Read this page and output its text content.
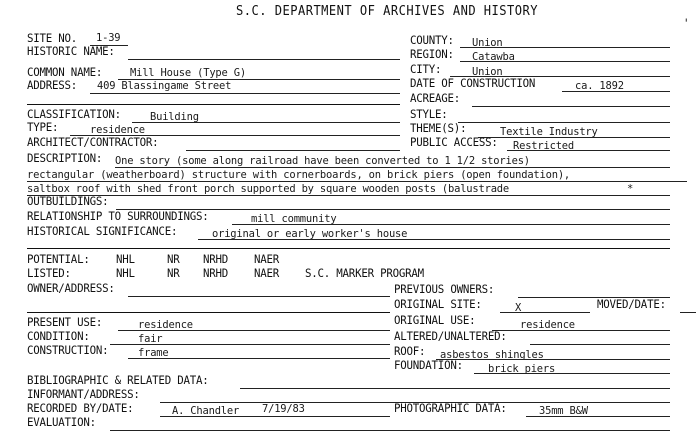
S.C. DEPARTMENT OF ARCHIVES AND HISTORY
'
SITE NO. 1-39
HISTORIC NAME:
COMMON NAME:	Mill House (Type G)
ADDRESS: 409 Blassingame Street
COUNTY: Union
REGION: Catawba
CITY:	Union
DATE OF CONSTRUCTION	ca. 1892
ACREAGE:
CLASSIFICATION:	Building	STYLE:
TYPE:	residence	THEME(S):	Textile Industry
ARCHITECT/CONTRACTOR:	PUBLIC ACCESS: Restricted
DESCRIPTION: One story (some along railroad have been converted to 1 1/2 stories)
rectangular (weatherboard) structure with cornerboards, on brick piers (open foundation),
saltbox roof with shed front porch supported by square wooden posts (balustrade	*
OUTBUILDINGS:
RELATIONSHIP TO SURROUNDINGS:	mill community
HISTORICAL SIGNIFICANCE:	original or early worker's house
POTENTIAL: NHL	NR NRHD NAER
LISTED:	NHL	NR NRHD NAER S.C. MARKER PROGRAM
OWNER/ADDRESS:	PREVIOUS OWNERS:
ORIGINAL SITE:	X	MOVED/DATE:
PRESENT USE:	residence	ORIGINAL USE:	residence
CONDITION:	fair	ALTERED/UNALTERED:
CONSTRUCTION:	frame	ROOF: asbestos shingles
FOUNDATION: brick piers
BIBLIOGRAPHIC & RELATED DATA:
INFORMANT/ADDRESS:
RECORDED BY/DATE:	A. Chandler 7/19/83	PHOTOGRAPHIC DATA:	35mm B&W
EVALUATION:
